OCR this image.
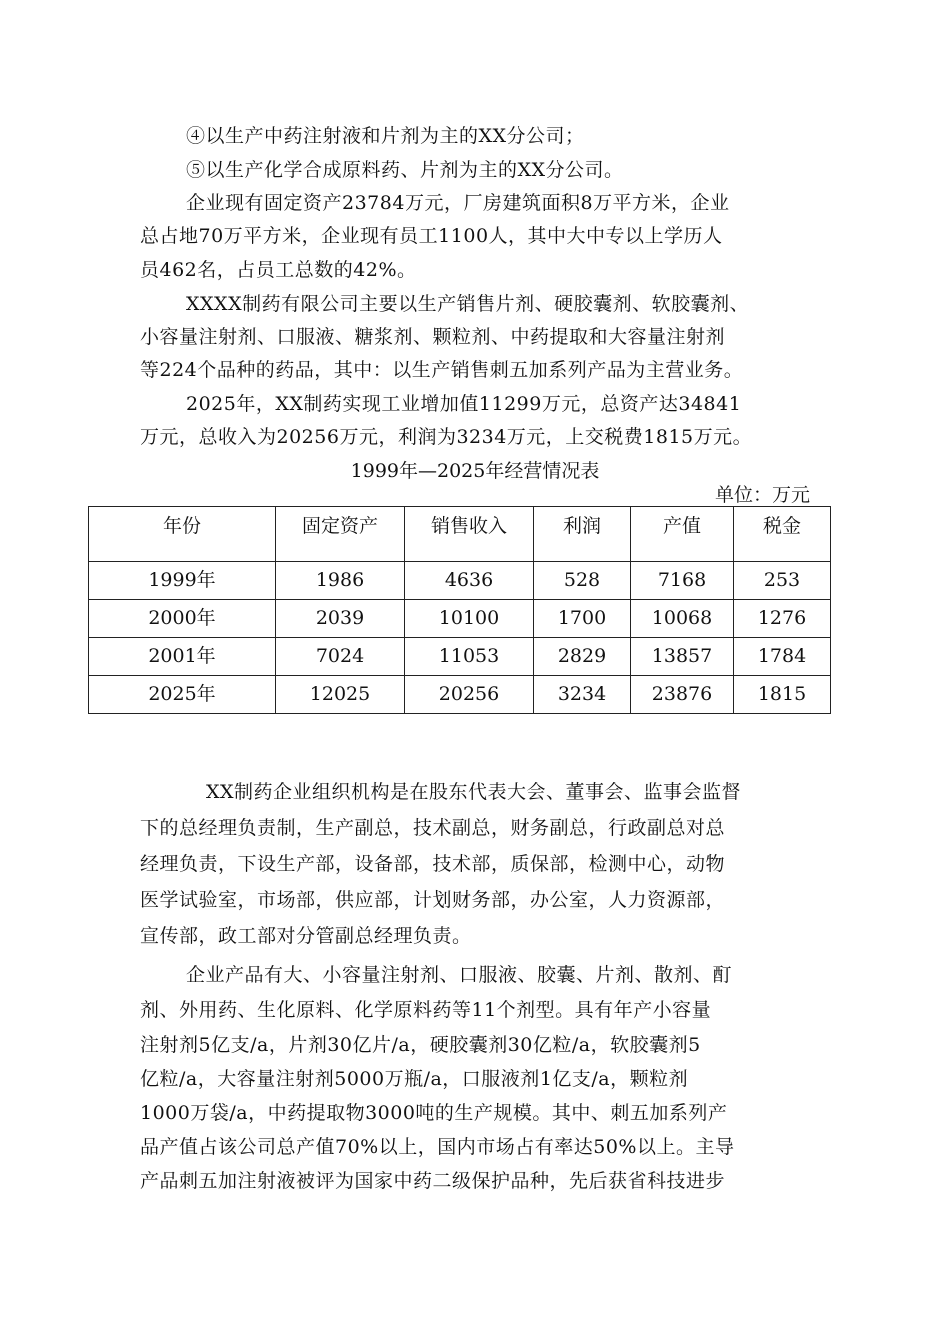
④以生产中药注射液和片剂为主的XX分公司；
⑤以生产化学合成原料药、片剂为主的XX分公司。
企业现有固定资产23784万元，厂房建筑面积8万平方米，企业
总占地70万平方米，企业现有员工1100人，其中大中专以上学历人
员462名，占员工总数的42%。
XXXX制药有限公司主要以生产销售片剂、硬胶囊剂、软胶囊剂、
小容量注射剂、口服液、糖浆剂、颗粒剂、中药提取和大容量注射剂
等224个品种的药品，其中：以生产销售刺五加系列产品为主营业务。
2025年，XX制药实现工业增加值11299万元，总资产达34841
万元，总收入为20256万元，利润为3234万元，上交税费1815万元。
1999年—2025年经营情况表
单位：万元
年份	固定资产	销售收入	利润	产值	税金
1999年	1986	4636	528	7168	253
2000年	2039	10100	1700	10068	1276
2001年	7024	11053	2829	13857	1784
2025年	12025	20256	3234	23876	1815
XX制药企业组织机构是在股东代表大会、董事会、监事会监督
下的总经理负责制，生产副总，技术副总，财务副总，行政副总对总
经理负责，下设生产部，设备部，技术部，质保部，检测中心，动物
医学试验室，市场部，供应部，计划财务部，办公室，人力资源部，
宣传部，政工部对分管副总经理负责。
企业产品有大、小容量注射剂、口服液、胶囊、片剂、散剂、酊
剂、外用药、生化原料、化学原料药等11个剂型。具有年产小容量
注射剂5亿支/a，片剂30亿片/a，硬胶囊剂30亿粒/a，软胶囊剂5
亿粒/a，大容量注射剂5000万瓶/a，口服液剂1亿支/a，颗粒剂
1000万袋/a，中药提取物3000吨的生产规模。其中、刺五加系列产
品产值占该公司总产值70%以上，国内市场占有率达50%以上。主导
产品刺五加注射液被评为国家中药二级保护品种，先后获省科技进步
